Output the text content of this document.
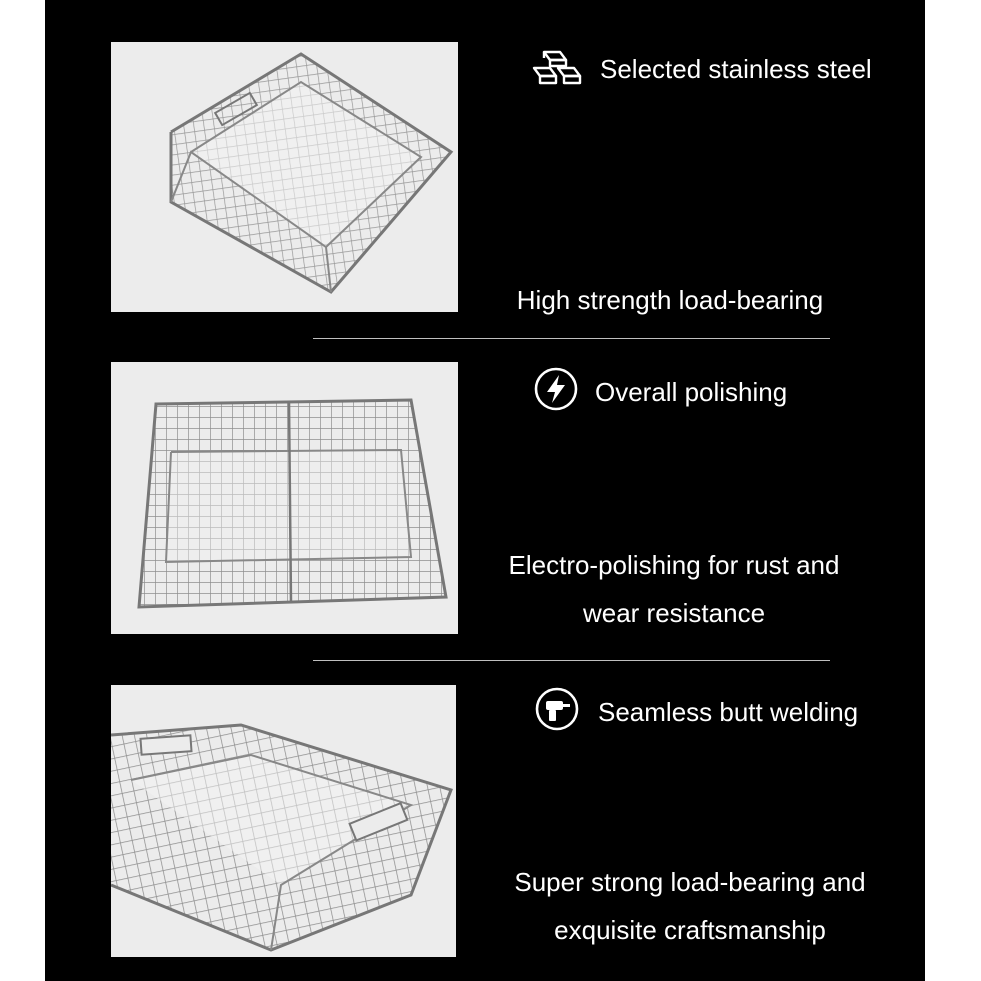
Selected stainless steel
High strength load-bearing
Overall polishing
Electro-polishing for rust and
wear resistance
Seamless butt welding
Super strong load-bearing and
exquisite craftsmanship
